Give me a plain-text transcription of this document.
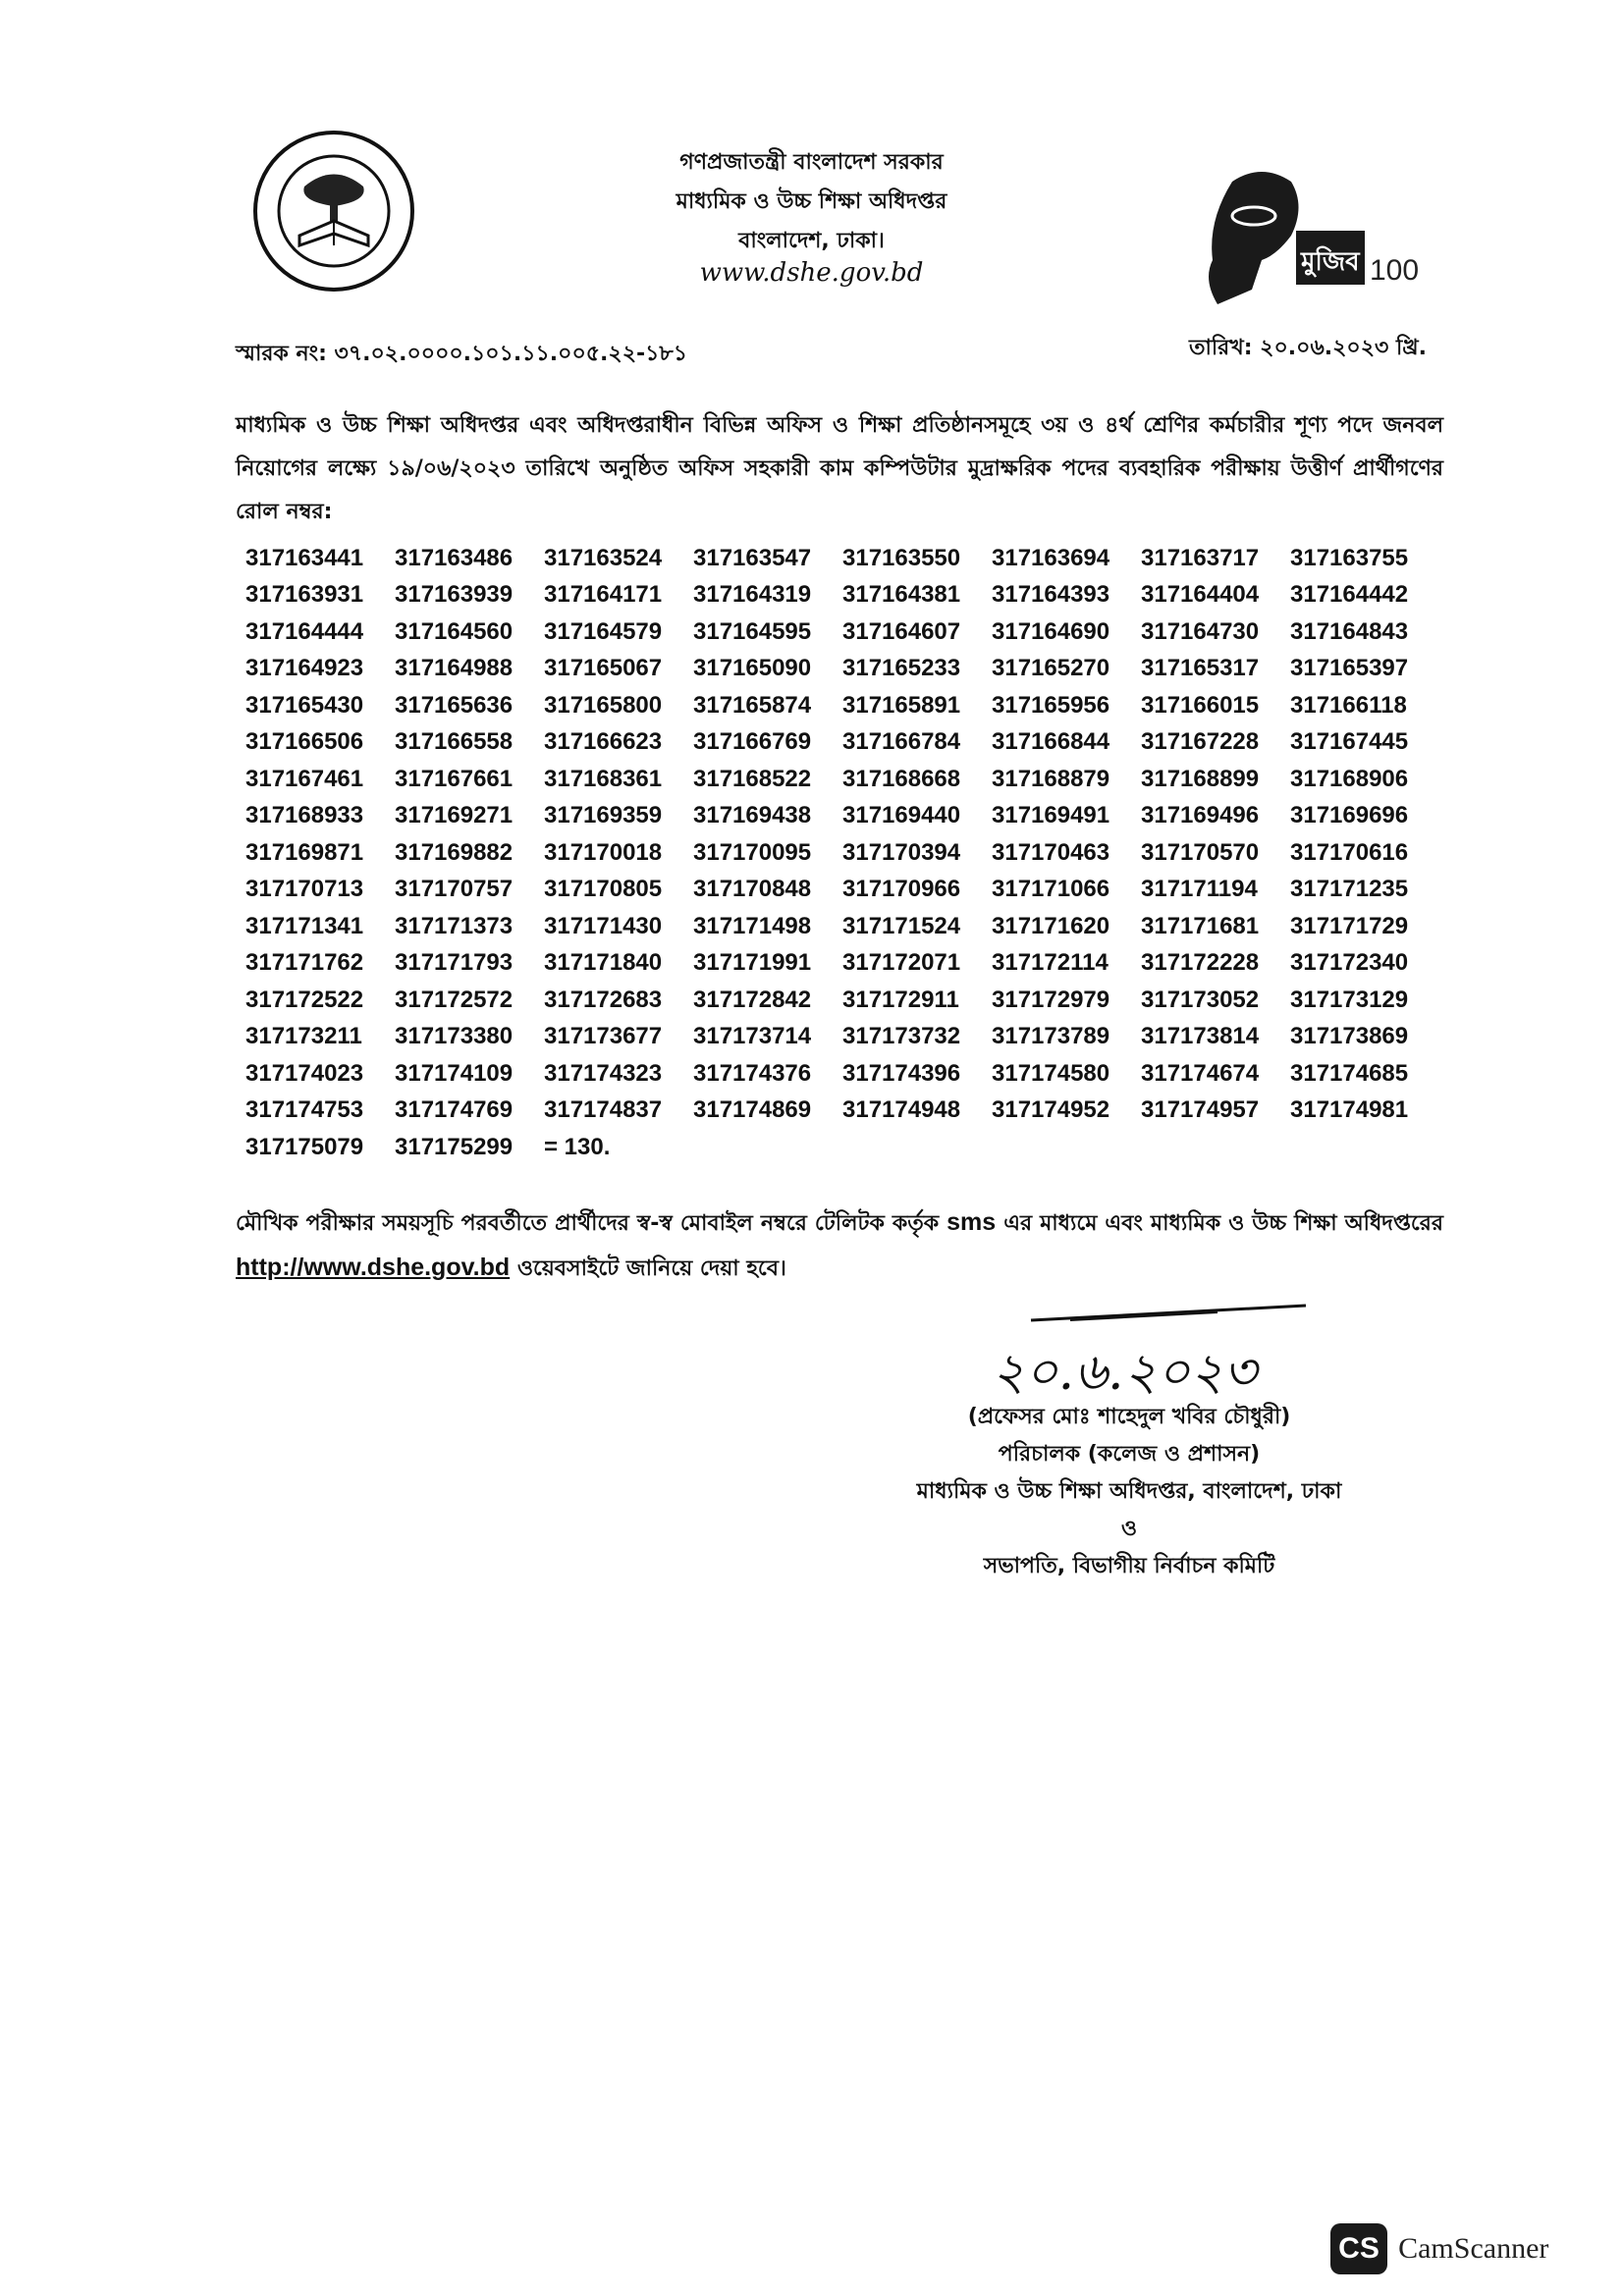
গণপ্রজাতন্ত্রী বাংলাদেশ সরকার
মাধ্যমিক ও উচ্চ শিক্ষা অধিদপ্তর
বাংলাদেশ, ঢাকা।
www.dshe.gov.bd	মুজিব 100
স্মারক নং: ৩৭.০২.০০০০.১০১.১১.০০৫.২২-১৮১	তারিখ: ২০.০৬.২০২৩ খ্রি.
মাধ্যমিক ও উচ্চ শিক্ষা অধিদপ্তর এবং অধিদপ্তরাধীন বিভিন্ন অফিস ও শিক্ষা প্রতিষ্ঠানসমূহে ৩য় ও ৪র্থ শ্রেণির কর্মচারীর শূণ্য পদে জনবল নিয়োগের লক্ষ্যে ১৯/০৬/২০২৩ তারিখে অনুষ্ঠিত অফিস সহকারী কাম কম্পিউটার মুদ্রাক্ষরিক পদের ব্যবহারিক পরীক্ষায় উত্তীর্ণ প্রার্থীগণের রোল নম্বর:
317163441	317163486	317163524	317163547	317163550	317163694	317163717	317163755
317163931	317163939	317164171	317164319	317164381	317164393	317164404	317164442
317164444	317164560	317164579	317164595	317164607	317164690	317164730	317164843
317164923	317164988	317165067	317165090	317165233	317165270	317165317	317165397
317165430	317165636	317165800	317165874	317165891	317165956	317166015	317166118
317166506	317166558	317166623	317166769	317166784	317166844	317167228	317167445
317167461	317167661	317168361	317168522	317168668	317168879	317168899	317168906
317168933	317169271	317169359	317169438	317169440	317169491	317169496	317169696
317169871	317169882	317170018	317170095	317170394	317170463	317170570	317170616
317170713	317170757	317170805	317170848	317170966	317171066	317171194	317171235
317171341	317171373	317171430	317171498	317171524	317171620	317171681	317171729
317171762	317171793	317171840	317171991	317172071	317172114	317172228	317172340
317172522	317172572	317172683	317172842	317172911	317172979	317173052	317173129
317173211	317173380	317173677	317173714	317173732	317173789	317173814	317173869
317174023	317174109	317174323	317174376	317174396	317174580	317174674	317174685
317174753	317174769	317174837	317174869	317174948	317174952	317174957	317174981
317175079	317175299	= 130.					
মৌখিক পরীক্ষার সময়সূচি পরবর্তীতে প্রার্থীদের স্ব-স্ব মোবাইল নম্বরে টেলিটক কর্তৃক sms এর মাধ্যমে এবং মাধ্যমিক ও উচ্চ শিক্ষা অধিদপ্তরের http://www.dshe.gov.bd ওয়েবসাইটে জানিয়ে দেয়া হবে।
২০.৬.২০২৩
(প্রফেসর মোঃ শাহেদুল খবির চৌধুরী)
পরিচালক (কলেজ ও প্রশাসন)
মাধ্যমিক ও উচ্চ শিক্ষা অধিদপ্তর, বাংলাদেশ, ঢাকা
ও
সভাপতি, বিভাগীয় নির্বাচন কমিটি
CS CamScanner
